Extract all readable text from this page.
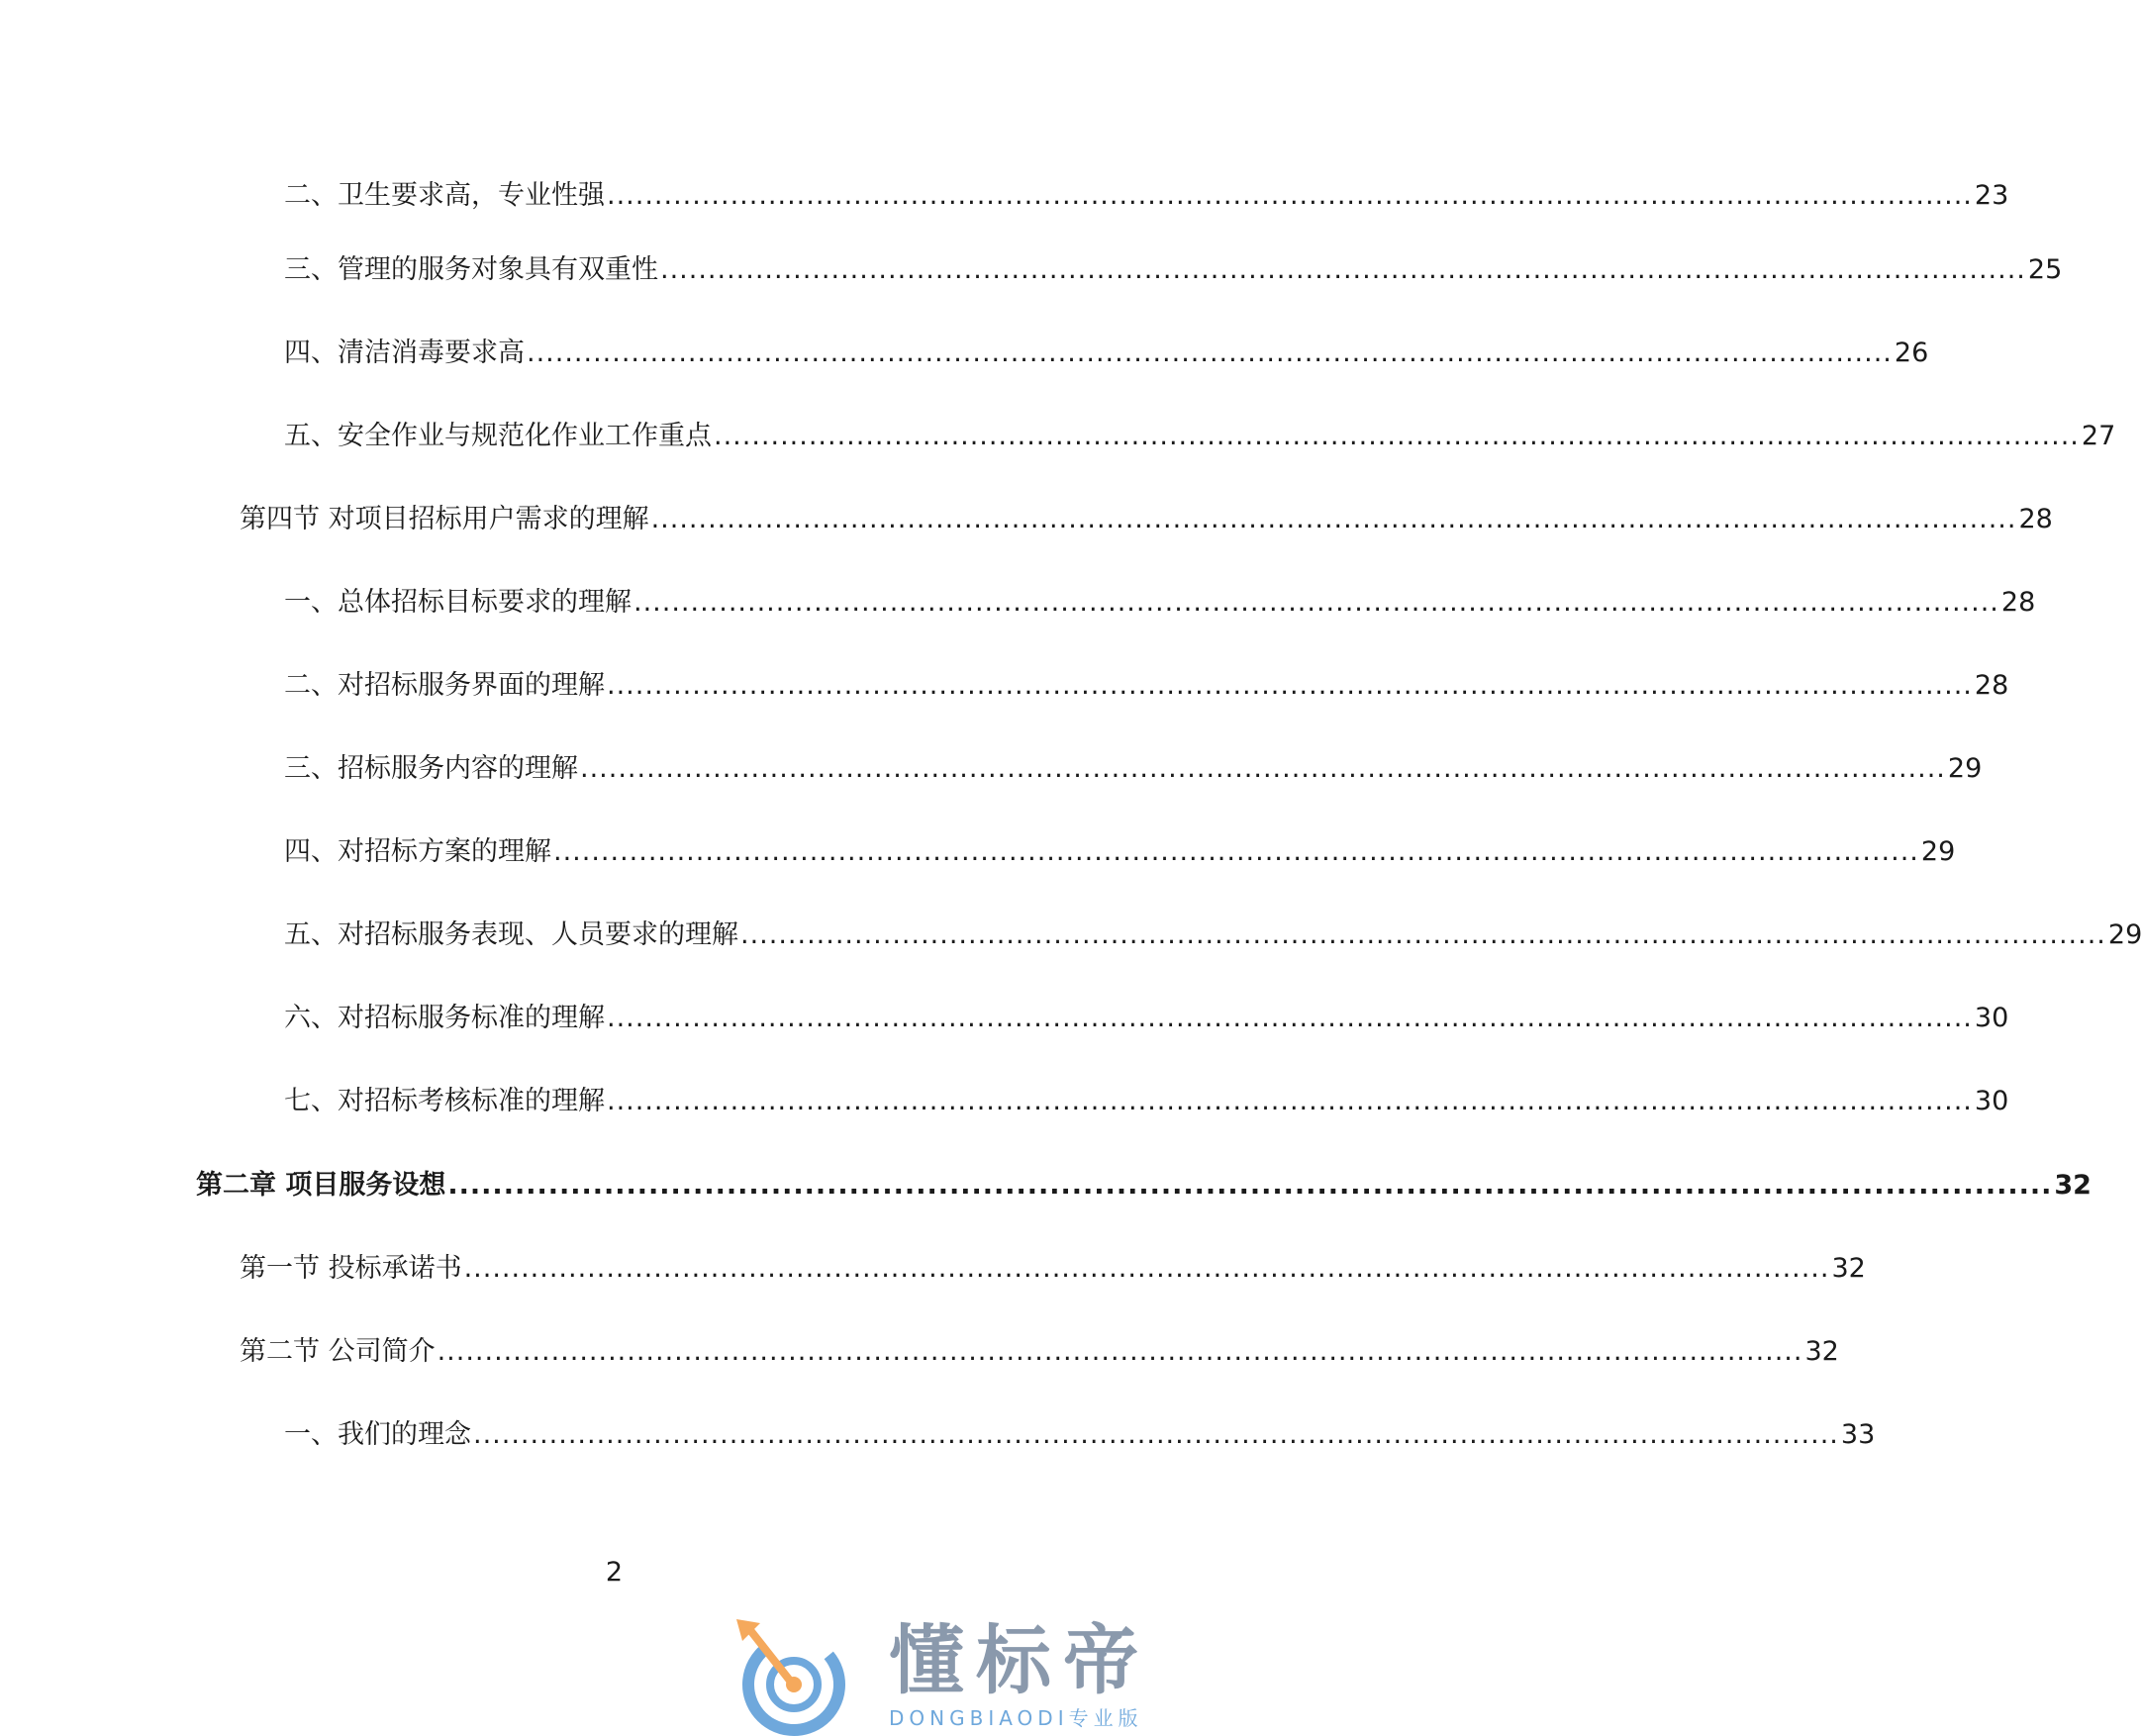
二、卫生要求高，专业性强 ................................................................................................................................................ 23
三、管理的服务对象具有双重性 ................................................................................................................................................ 25
四、清洁消毒要求高 ................................................................................................................................................ 26
五、安全作业与规范化作业工作重点 ................................................................................................................................................ 27
第四节 对项目招标用户需求的理解 ................................................................................................................................................ 28
一、总体招标目标要求的理解 ................................................................................................................................................ 28
二、对招标服务界面的理解 ................................................................................................................................................ 28
三、招标服务内容的理解 ................................................................................................................................................ 29
四、对招标方案的理解 ................................................................................................................................................ 29
五、对招标服务表现、人员要求的理解 ................................................................................................................................................ 29
六、对招标服务标准的理解 ................................................................................................................................................ 30
七、对招标考核标准的理解 ................................................................................................................................................ 30
第二章 项目服务设想 ................................................................................................................................................ 32
第一节 投标承诺书 ................................................................................................................................................ 32
第二节 公司简介 ................................................................................................................................................ 32
一、我们的理念 ................................................................................................................................................ 33
2
懂标帝
DONGBIAODI专业版
